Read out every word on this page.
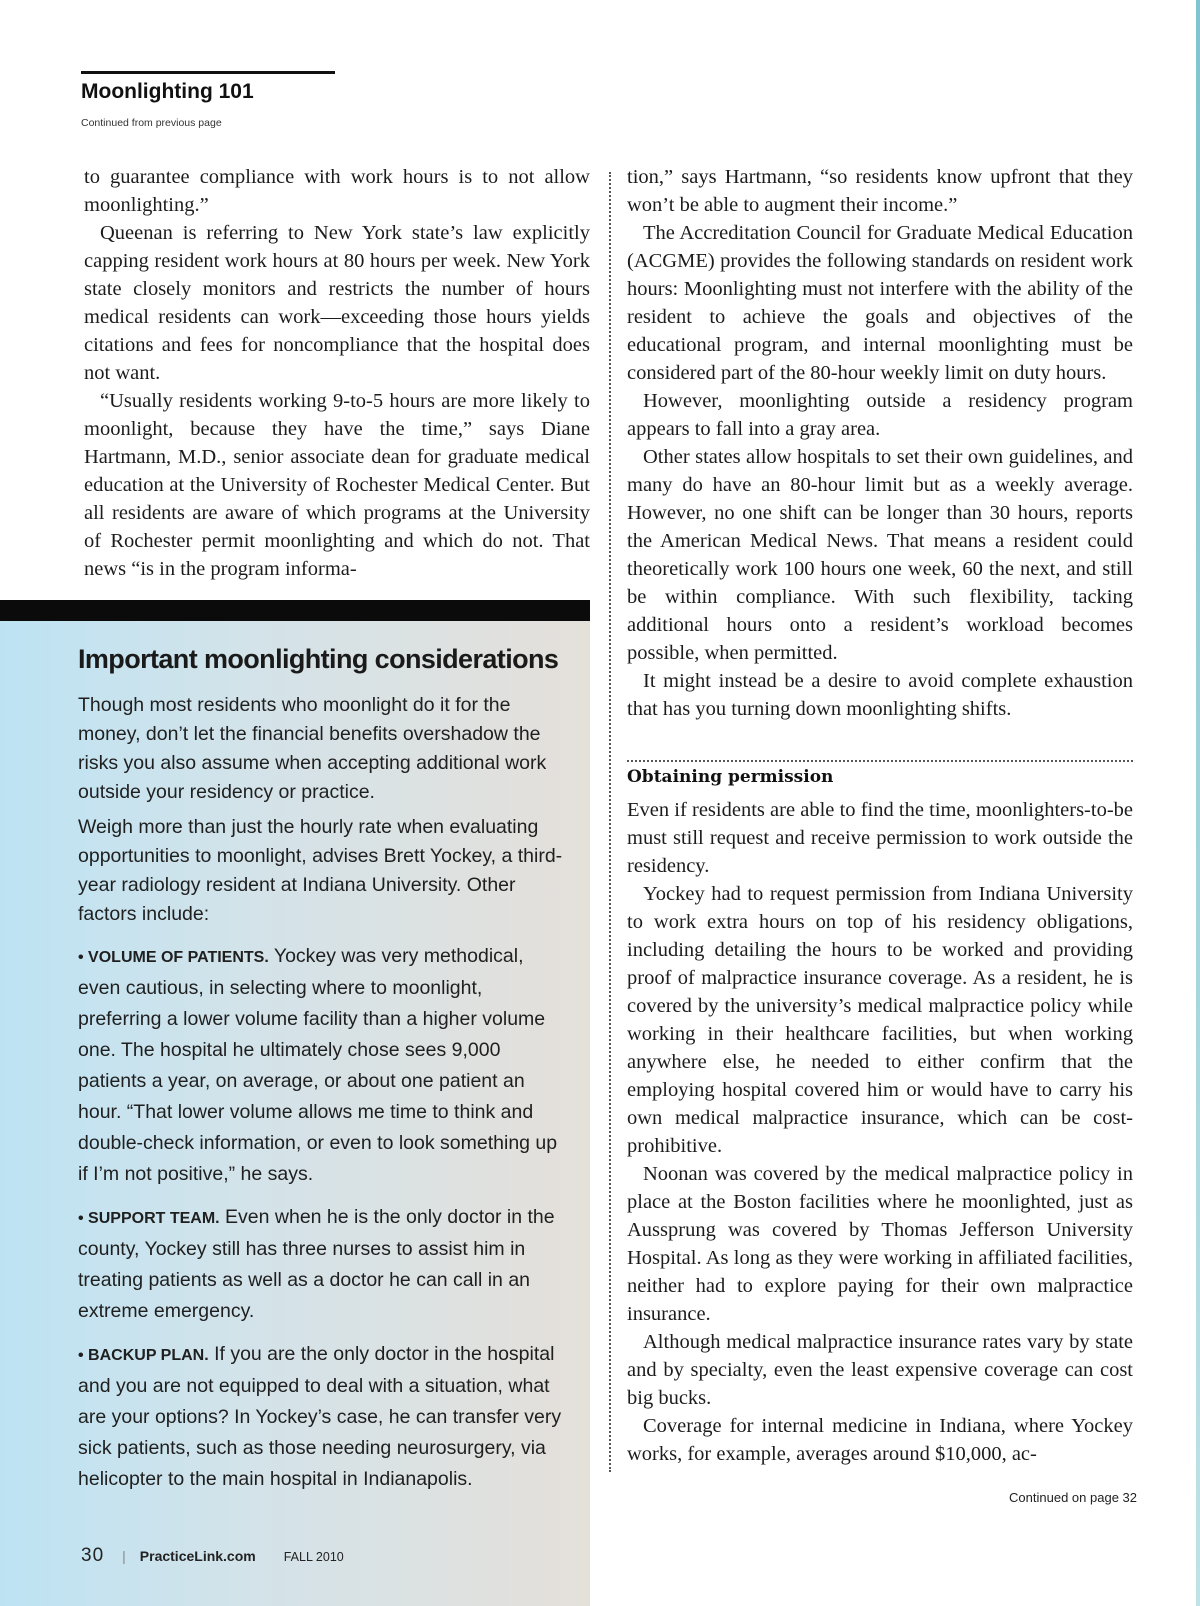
Moonlighting 101
Continued from previous page

to guarantee compliance with work hours is to not allow moonlighting.”

Queenan is referring to New York state’s law explicitly capping resident work hours at 80 hours per week. New York state closely monitors and restricts the number of hours medical residents can work—exceeding those hours yields citations and fees for noncompliance that the hospital does not want.

“Usually residents working 9-to-5 hours are more likely to moonlight, because they have the time,” says Diane Hartmann, M.D., senior associate dean for graduate medical education at the University of Rochester Medical Center. But all residents are aware of which programs at the University of Rochester permit moonlighting and which do not. That news “is in the program informa-

tion,” says Hartmann, “so residents know upfront that they won’t be able to augment their income.”

The Accreditation Council for Graduate Medical Education (ACGME) provides the following standards on resident work hours: Moonlighting must not interfere with the ability of the resident to achieve the goals and objectives of the educational program, and internal moonlighting must be considered part of the 80-hour weekly limit on duty hours.

However, moonlighting outside a residency program appears to fall into a gray area.

Other states allow hospitals to set their own guidelines, and many do have an 80-hour limit but as a weekly average. However, no one shift can be longer than 30 hours, reports the American Medical News. That means a resident could theoretically work 100 hours one week, 60 the next, and still be within compliance. With such flexibility, tacking additional hours onto a resident’s workload becomes possible, when permitted.

It might instead be a desire to avoid complete exhaustion that has you turning down moonlighting shifts.

Obtaining permission

Even if residents are able to find the time, moonlighters-to-be must still request and receive permission to work outside the residency.

Yockey had to request permission from Indiana University to work extra hours on top of his residency obligations, including detailing the hours to be worked and providing proof of malpractice insurance coverage. As a resident, he is covered by the university’s medical malpractice policy while working in their healthcare facilities, but when working anywhere else, he needed to either confirm that the employing hospital covered him or would have to carry his own medical malpractice insurance, which can be cost-prohibitive.

Noonan was covered by the medical malpractice policy in place at the Boston facilities where he moonlighted, just as Aussprung was covered by Thomas Jefferson University Hospital. As long as they were working in affiliated facilities, neither had to explore paying for their own malpractice insurance.

Although medical malpractice insurance rates vary by state and by specialty, even the least expensive coverage can cost big bucks.

Coverage for internal medicine in Indiana, where Yockey works, for example, averages around $10,000, ac-

Continued on page 32
Important moonlighting considerations

Though most residents who moonlight do it for the money, don’t let the financial benefits overshadow the risks you also assume when accepting additional work outside your residency or practice.

Weigh more than just the hourly rate when evaluating opportunities to moonlight, advises Brett Yockey, a third-year radiology resident at Indiana University. Other factors include:

• VOLUME OF PATIENTS. Yockey was very methodical, even cautious, in selecting where to moonlight, preferring a lower volume facility than a higher volume one. The hospital he ultimately chose sees 9,000 patients a year, on average, or about one patient an hour. “That lower volume allows me time to think and double-check information, or even to look something up if I’m not positive,” he says.

• SUPPORT TEAM. Even when he is the only doctor in the county, Yockey still has three nurses to assist him in treating patients as well as a doctor he can call in an extreme emergency.

• BACKUP PLAN. If you are the only doctor in the hospital and you are not equipped to deal with a situation, what are your options? In Yockey’s case, he can transfer very sick patients, such as those needing neurosurgery, via helicopter to the main hospital in Indianapolis.

30 | PracticeLink.com FALL 2010
